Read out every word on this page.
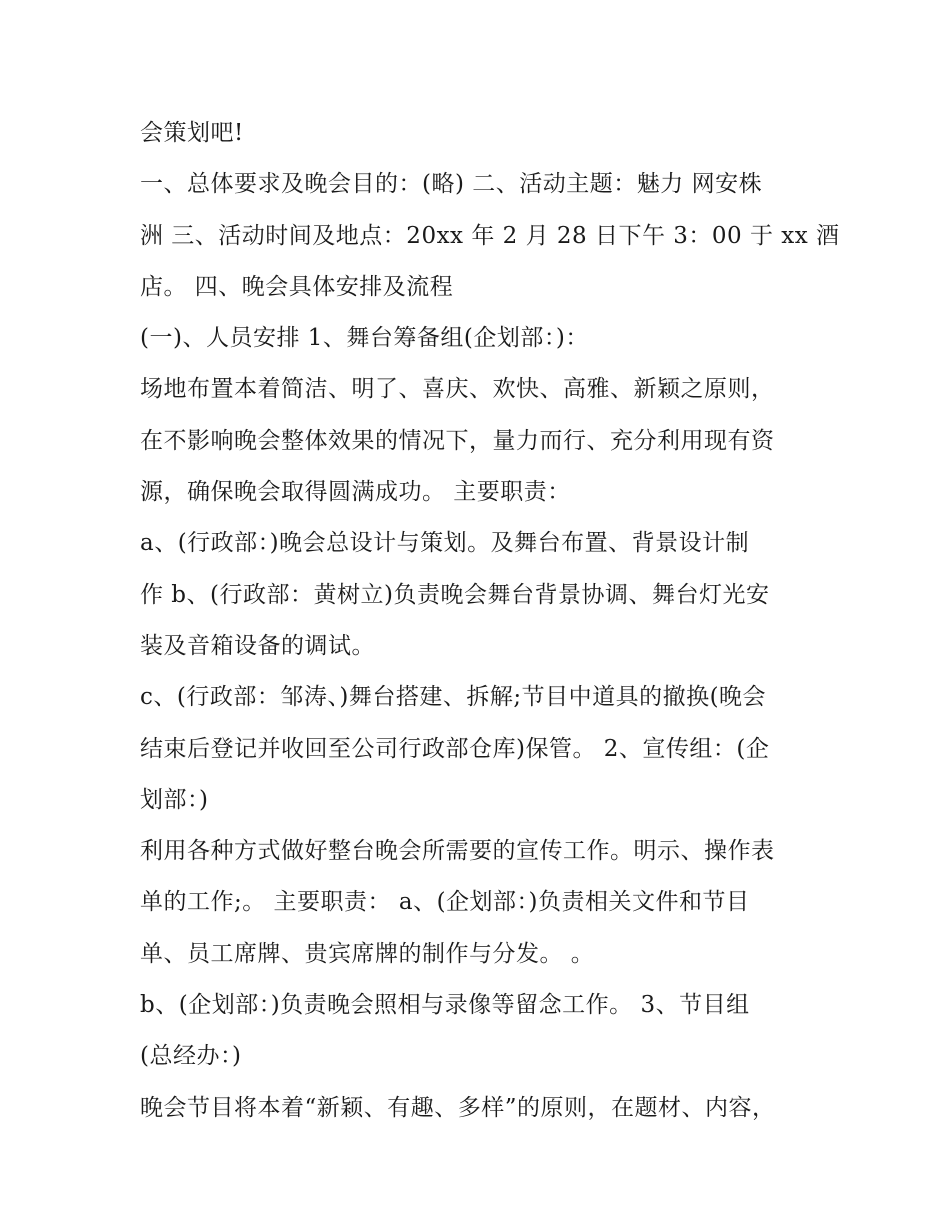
会策划吧!
一、总体要求及晚会目的：(略) 二、活动主题：魅力 网安株
洲 三、活动时间及地点：20xx 年 2 月 28 日下午 3：00 于 xx 酒
店。 四、晚会具体安排及流程
(一)、人员安排 1、舞台筹备组(企划部：)：
场地布置本着简洁、明了、喜庆、欢快、高雅、新颖之原则，
在不影响晚会整体效果的情况下，量力而行、充分利用现有资
源，确保晚会取得圆满成功。 主要职责：
a、(行政部：)晚会总设计与策划。及舞台布置、背景设计制
作 b、(行政部：黄树立)负责晚会舞台背景协调、舞台灯光安
装及音箱设备的调试。
c、(行政部：邹涛、)舞台搭建、拆解;节目中道具的撤换(晚会
结束后登记并收回至公司行政部仓库)保管。 2、宣传组：(企
划部：)
利用各种方式做好整台晚会所需要的宣传工作。明示、操作表
单的工作;。 主要职责： a、(企划部：)负责相关文件和节目
单、员工席牌、贵宾席牌的制作与分发。 。
b、(企划部：)负责晚会照相与录像等留念工作。 3、节目组
(总经办：)
晚会节目将本着“新颖、有趣、多样”的原则，在题材、内容，
